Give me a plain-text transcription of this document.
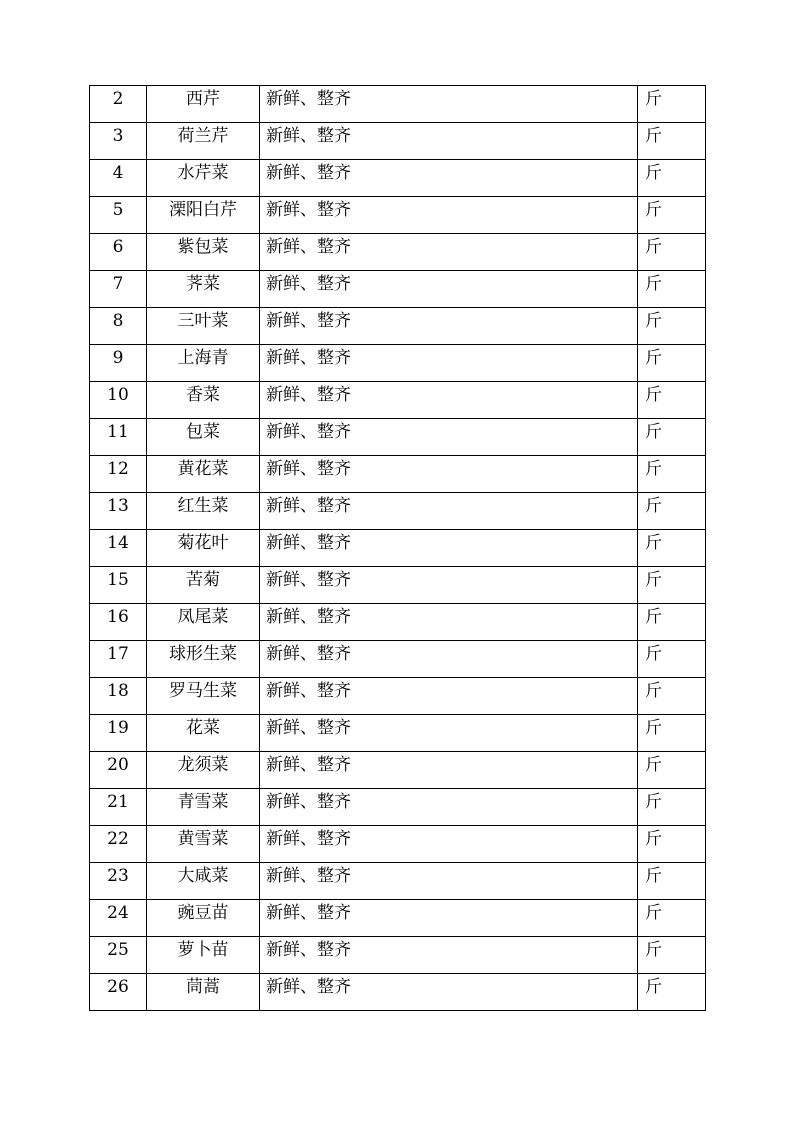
2	西芹	新鲜、整齐	斤
3	荷兰芹	新鲜、整齐	斤
4	水芹菜	新鲜、整齐	斤
5	溧阳白芹	新鲜、整齐	斤
6	紫包菜	新鲜、整齐	斤
7	荠菜	新鲜、整齐	斤
8	三叶菜	新鲜、整齐	斤
9	上海青	新鲜、整齐	斤
10	香菜	新鲜、整齐	斤
11	包菜	新鲜、整齐	斤
12	黄花菜	新鲜、整齐	斤
13	红生菜	新鲜、整齐	斤
14	菊花叶	新鲜、整齐	斤
15	苦菊	新鲜、整齐	斤
16	凤尾菜	新鲜、整齐	斤
17	球形生菜	新鲜、整齐	斤
18	罗马生菜	新鲜、整齐	斤
19	花菜	新鲜、整齐	斤
20	龙须菜	新鲜、整齐	斤
21	青雪菜	新鲜、整齐	斤
22	黄雪菜	新鲜、整齐	斤
23	大咸菜	新鲜、整齐	斤
24	豌豆苗	新鲜、整齐	斤
25	萝卜苗	新鲜、整齐	斤
26	茼蒿	新鲜、整齐	斤
